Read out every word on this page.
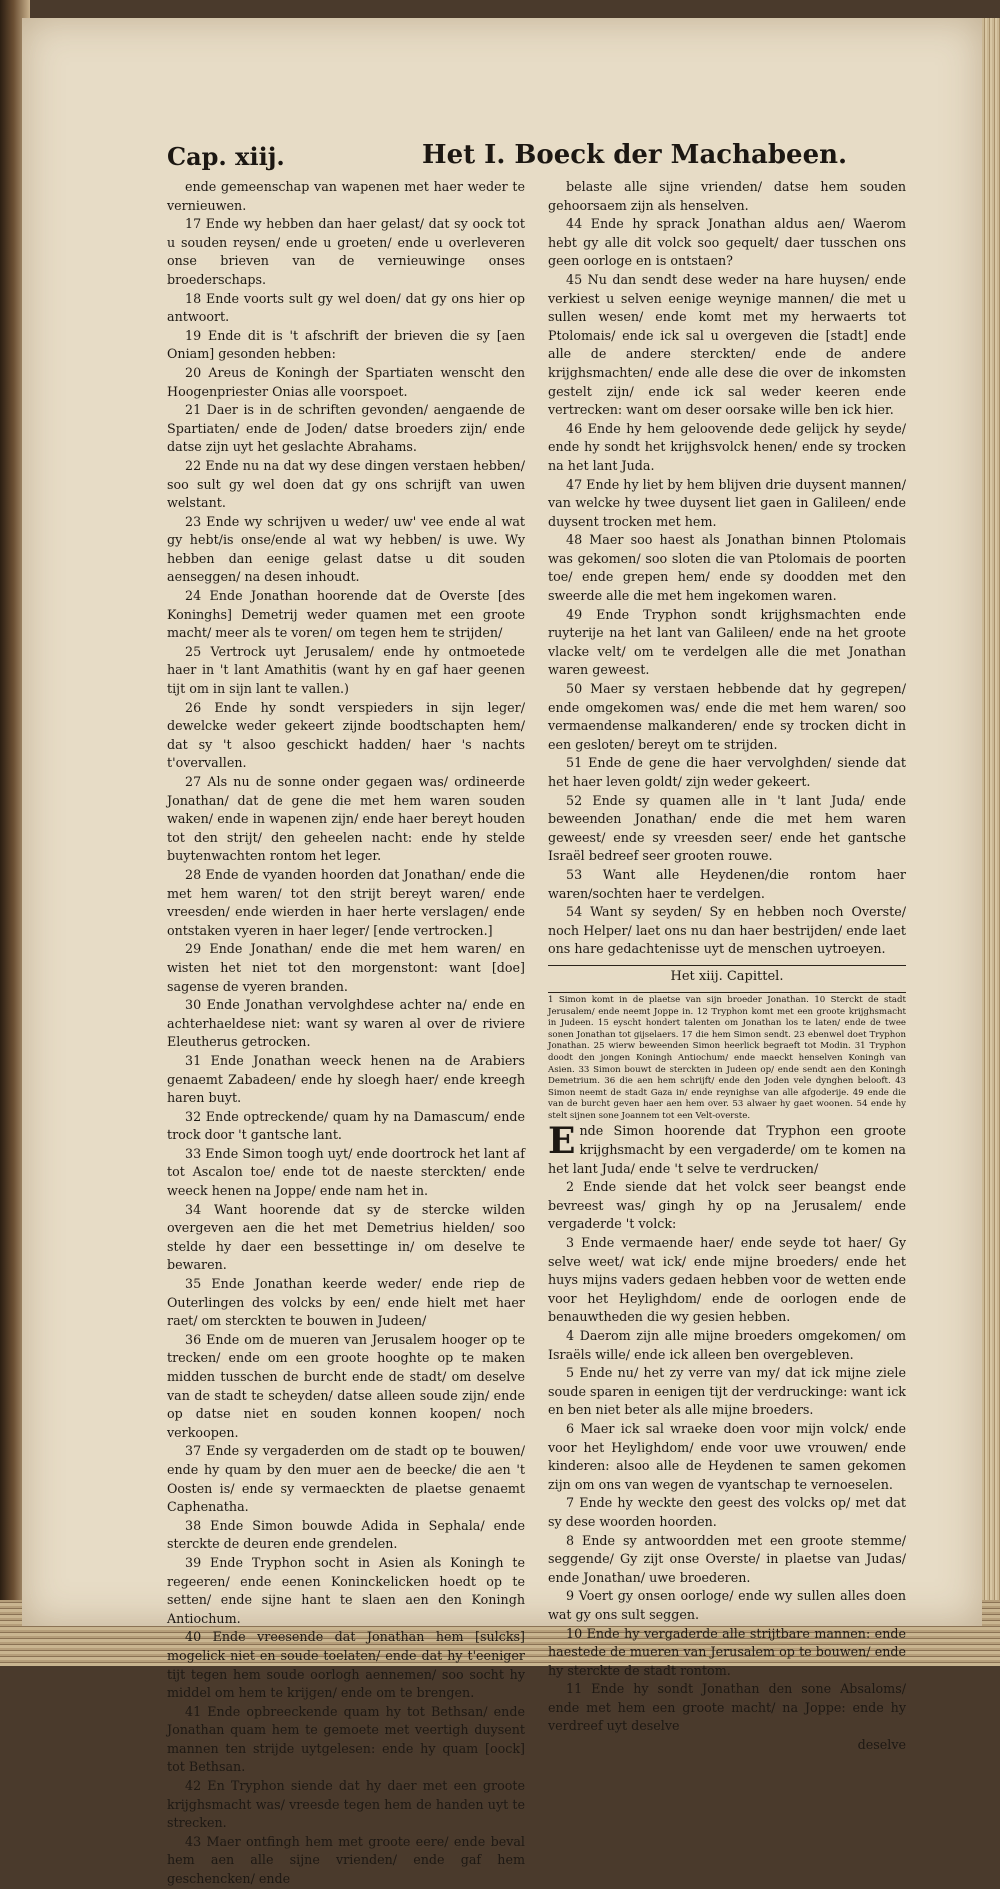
Cap. xiij.	Het I. Boeck der Machabeen.

ende gemeenschap van wapenen met haer weder te vernieuwen.

17 Ende wy hebben dan haer gelast/ dat sy oock tot u souden reysen/ ende u groeten/ ende u overleveren onse brieven van de vernieuwinge onses broederschaps.

18 Ende voorts sult gy wel doen/ dat gy ons hier op antwoort.

19 Ende dit is 't afschrift der brieven die sy [aen Oniam] gesonden hebben:

20 Areus de Koningh der Spartiaten wenscht den Hoogenpriester Onias alle voorspoet.

21 Daer is in de schriften gevonden/ aengaende de Spartiaten/ ende de Joden/ datse broeders zijn/ ende datse zijn uyt het geslachte Abrahams.

22 Ende nu na dat wy dese dingen verstaen hebben/ soo sult gy wel doen dat gy ons schrijft van uwen welstant.

23 Ende wy schrijven u weder/ uw' vee ende al wat gy hebt/is onse/ende al wat wy hebben/ is uwe. Wy hebben dan eenige gelast datse u dit souden aenseggen/ na desen inhoudt.

24 Ende Jonathan hoorende dat de Overste [des Koninghs] Demetrij weder quamen met een groote macht/ meer als te voren/ om tegen hem te strijden/

25 Vertrock uyt Jerusalem/ ende hy ontmoetede haer in 't lant Amathitis (want hy en gaf haer geenen tijt om in sijn lant te vallen.)

26 Ende hy sondt verspieders in sijn leger/ dewelcke weder gekeert zijnde boodtschapten hem/ dat sy 't alsoo geschickt hadden/ haer 's nachts t'overvallen.

27 Als nu de sonne onder gegaen was/ ordineerde Jonathan/ dat de gene die met hem waren souden waken/ ende in wapenen zijn/ ende haer bereyt houden tot den strijt/ den geheelen nacht: ende hy stelde buytenwachten rontom het leger.

28 Ende de vyanden hoorden dat Jonathan/ ende die met hem waren/ tot den strijt bereyt waren/ ende vreesden/ ende wierden in haer herte verslagen/ ende ontstaken vyeren in haer leger/ [ende vertrocken.]

29 Ende Jonathan/ ende die met hem waren/ en wisten het niet tot den morgenstont: want [doe] sagense de vyeren branden.

30 Ende Jonathan vervolghdese achter na/ ende en achterhaeldese niet: want sy waren al over de riviere Eleutherus getrocken.

31 Ende Jonathan weeck henen na de Arabiers genaemt Zabadeen/ ende hy sloegh haer/ ende kreegh haren buyt.

32 Ende optreckende/ quam hy na Damascum/ ende trock door 't gantsche lant.

33 Ende Simon toogh uyt/ ende doortrock het lant af tot Ascalon toe/ ende tot de naeste sterckten/ ende weeck henen na Joppe/ ende nam het in.

34 Want hoorende dat sy de stercke wilden overgeven aen die het met Demetrius hielden/ soo stelde hy daer een bessettinge in/ om deselve te bewaren.

35 Ende Jonathan keerde weder/ ende riep de Outerlingen des volcks by een/ ende hielt met haer raet/ om sterckten te bouwen in Judeen/

36 Ende om de mueren van Jerusalem hooger op te trecken/ ende om een groote hooghte op te maken midden tusschen de burcht ende de stadt/ om deselve van de stadt te scheyden/ datse alleen soude zijn/ ende op datse niet en souden konnen koopen/ noch verkoopen.

37 Ende sy vergaderden om de stadt op te bouwen/ ende hy quam by den muer aen de beecke/ die aen 't Oosten is/ ende sy vermaeckten de plaetse genaemt Caphenatha.

38 Ende Simon bouwde Adida in Sephala/ ende sterckte de deuren ende grendelen.

39 Ende Tryphon socht in Asien als Koningh te regeeren/ ende eenen Koninckelicken hoedt op te setten/ ende sijne hant te slaen aen den Koningh Antiochum.

40 Ende vreesende dat Jonathan hem [sulcks] mogelick niet en soude toelaten/ ende dat hy t'eeniger tijt tegen hem soude oorlogh aennemen/ soo socht hy middel om hem te krijgen/ ende om te brengen.

41 Ende opbreeckende quam hy tot Bethsan/ ende Jonathan quam hem te gemoete met veertigh duysent mannen ten strijde uytgelesen: ende hy quam [oock] tot Bethsan.

42 En Tryphon siende dat hy daer met een groote krijghsmacht was/ vreesde tegen hem de handen uyt te strecken.

43 Maer ontfingh hem met groote eere/ ende beval hem aen alle sijne vrienden/ ende gaf hem geschencken/ ende

belaste alle sijne vrienden/ datse hem souden gehoorsaem zijn als henselven.

44 Ende hy sprack Jonathan aldus aen/ Waerom hebt gy alle dit volck soo gequelt/ daer tusschen ons geen oorloge en is ontstaen?

45 Nu dan sendt dese weder na hare huysen/ ende verkiest u selven eenige weynige mannen/ die met u sullen wesen/ ende komt met my herwaerts tot Ptolomais/ ende ick sal u overgeven die [stadt] ende alle de andere sterckten/ ende de andere krijghsmachten/ ende alle dese die over de inkomsten gestelt zijn/ ende ick sal weder keeren ende vertrecken: want om deser oorsake wille ben ick hier.

46 Ende hy hem geloovende dede gelijck hy seyde/ ende hy sondt het krijghsvolck henen/ ende sy trocken na het lant Juda.

47 Ende hy liet by hem blijven drie duysent mannen/ van welcke hy twee duysent liet gaen in Galileen/ ende duysent trocken met hem.

48 Maer soo haest als Jonathan binnen Ptolomais was gekomen/ soo sloten die van Ptolomais de poorten toe/ ende grepen hem/ ende sy doodden met den sweerde alle die met hem ingekomen waren.

49 Ende Tryphon sondt krijghsmachten ende ruyterije na het lant van Galileen/ ende na het groote vlacke velt/ om te verdelgen alle die met Jonathan waren geweest.

50 Maer sy verstaen hebbende dat hy gegrepen/ ende omgekomen was/ ende die met hem waren/ soo vermaendense malkanderen/ ende sy trocken dicht in een gesloten/ bereyt om te strijden.

51 Ende de gene die haer vervolghden/ siende dat het haer leven goldt/ zijn weder gekeert.

52 Ende sy quamen alle in 't lant Juda/ ende beweenden Jonathan/ ende die met hem waren geweest/ ende sy vreesden seer/ ende het gantsche Israël bedreef seer grooten rouwe.

53 Want alle Heydenen/die rontom haer waren/sochten haer te verdelgen.

54 Want sy seyden/ Sy en hebben noch Overste/ noch Helper/ laet ons nu dan haer bestrijden/ ende laet ons hare gedachtenisse uyt de menschen uytroeyen.

Het xiij. Capittel.

1 Simon komt in de plaetse van sijn broeder Jonathan. 10 Sterckt de stadt Jerusalem/ ende neemt Joppe in. 12 Tryphon komt met een groote krijghsmacht in Judeen. 15 eyscht hondert talenten om Jonathan los te laten/ ende de twee sonen Jonathan tot gijselaers. 17 die hem Simon sendt. 23 ebenwel doet Tryphon Jonathan. 25 wierw beweenden Simon heerlick begraeft tot Modin. 31 Tryphon doodt den jongen Koningh Antiochum/ ende maeckt henselven Koningh van Asien. 33 Simon bouwt de sterckten in Judeen op/ ende sendt aen den Koningh Demetrium. 36 die aen hem schrijft/ ende den Joden vele dynghen belooft. 43 Simon neemt de stadt Gaza in/ ende reynighse van alle afgoderije. 49 ende die van de burcht geven haer aen hem over. 53 alwaer hy gaet woonen. 54 ende hy stelt sijnen sone Joannem tot een Velt-overste.

Ende Simon hoorende dat Tryphon een groote krijghsmacht by een vergaderde/ om te komen na het lant Juda/ ende 't selve te verdrucken/

2 Ende siende dat het volck seer beangst ende bevreest was/ gingh hy op na Jerusalem/ ende vergaderde 't volck:

3 Ende vermaende haer/ ende seyde tot haer/ Gy selve weet/ wat ick/ ende mijne broeders/ ende het huys mijns vaders gedaen hebben voor de wetten ende voor het Heylighdom/ ende de oorlogen ende de benauwtheden die wy gesien hebben.

4 Daerom zijn alle mijne broeders omgekomen/ om Israëls wille/ ende ick alleen ben overgebleven.

5 Ende nu/ het zy verre van my/ dat ick mijne ziele soude sparen in eenigen tijt der verdruckinge: want ick en ben niet beter als alle mijne broeders.

6 Maer ick sal wraeke doen voor mijn volck/ ende voor het Heylighdom/ ende voor uwe vrouwen/ ende kinderen: alsoo alle de Heydenen te samen gekomen zijn om ons van wegen de vyantschap te vernoeselen.

7 Ende hy weckte den geest des volcks op/ met dat sy dese woorden hoorden.

8 Ende sy antwoordden met een groote stemme/ seggende/ Gy zijt onse Overste/ in plaetse van Judas/ ende Jonathan/ uwe broederen.

9 Voert gy onsen oorloge/ ende wy sullen alles doen wat gy ons sult seggen.

10 Ende hy vergaderde alle strijtbare mannen: ende haestede de mueren van Jerusalem op te bouwen/ ende hy sterckte de stadt rontom.

11 Ende hy sondt Jonathan den sone Absaloms/ ende met hem een groote macht/ na Joppe: ende hy verdreef uyt deselve

deselve
